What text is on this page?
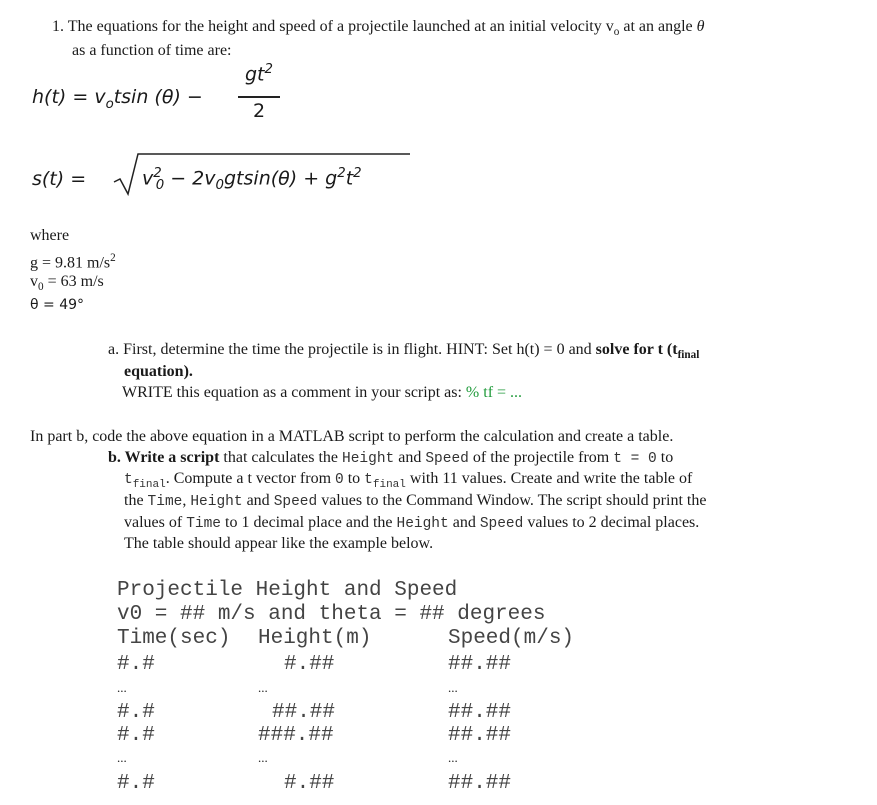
1. The equations for the height and speed of a projectile launched at an initial velocity $v_o$ at an angle θ
as a function of time are:
$h(t) = v_otsin$ (θ) −
$gt^2$
2
s(t) =	$v^2_0 - 2v_0gtsin(\theta) + g^2t^2$
where
g = 9.81 $m/s^2$
$v_0 = 63$ m/s
θ = 49°
a. First, determine the time the projectile is in flight. HINT: Set h(t) = 0 and solve for t ($t_{final}$
equation).
WRITE this equation as a comment in your script as: % tf = ...
In part b, code the above equation in a MATLAB script to perform the calculation and create a table.
b. Write a script that calculates the Height and Speed of the projectile from t = 0 to
$t_{final}$. Compute a t vector from 0 to $t_{final}$ with 11 values. Create and write the table of
the Time, Height and Speed values to the Command Window. The script should print the
values of Time to 1 decimal place and the Height and Speed values to 2 decimal places.
The table should appear like the example below.
Projectile Height and Speed
v0 = ## m/s and theta = ## degrees
Time(sec) Height(m)	Speed(m/s)
#.#	#.##	##.##
...	...	...
#.#	##.##	##.##
#.#	###.##	##.##
...	...	...
#.#	#.##	##.##
